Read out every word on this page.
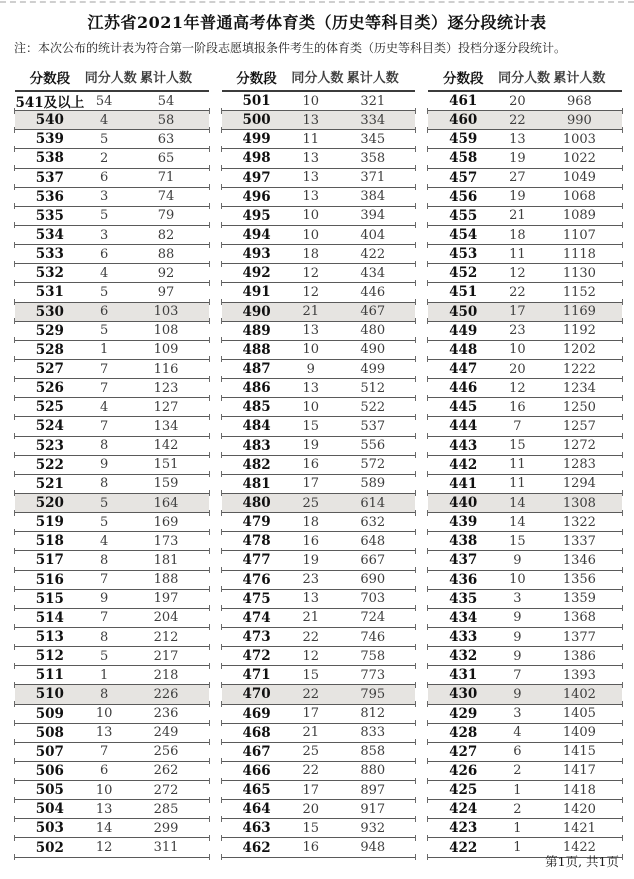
江苏省2021年普通高考体育类（历史等科目类）逐分段统计表
注：本次公布的统计表为符合第一阶段志愿填报条件考生的体育类（历史等科目类）投档分逐分段统计。
分数段	同分人数 累计人数
541及以上 54	54
540	4	58
539	5	63
538	2	65
537	6	71
536	3	74
535	5	79
534	3	82
533	6	88
532	4	92
531	5	97
530	6	103
529	5	108
528	1	109
527	7	116
526	7	123
525	4	127
524	7	134
523	8	142
522	9	151
521	8	159
520	5	164
519	5	169
518	4	173
517	8	181
516	7	188
515	9	197
514	7	204
513	8	212
512	5	217
511	1	218
510	8	226
509	10	236
508	13	249
507	7	256
506	6	262
505	10	272
504	13	285
503	14	299
502	12	311
分数段	同分人数 累计人数
501	10	321
500	13	334
499	11	345
498	13	358
497	13	371
496	13	384
495	10	394
494	10	404
493	18	422
492	12	434
491	12	446
490	21	467
489	13	480
488	10	490
487	9	499
486	13	512
485	10	522
484	15	537
483	19	556
482	16	572
481	17	589
480	25	614
479	18	632
478	16	648
477	19	667
476	23	690
475	13	703
474	21	724
473	22	746
472	12	758
471	15	773
470	22	795
469	17	812
468	21	833
467	25	858
466	22	880
465	17	897
464	20	917
463	15	932
462	16	948
分数段	同分人数 累计人数
461	20	968
460	22	990
459	13	1003
458	19	1022
457	27	1049
456	19	1068
455	21	1089
454	18	1107
453	11	1118
452	12	1130
451	22	1152
450	17	1169
449	23	1192
448	10	1202
447	20	1222
446	12	1234
445	16	1250
444	7	1257
443	15	1272
442	11	1283
441	11	1294
440	14	1308
439	14	1322
438	15	1337
437	9	1346
436	10	1356
435	3	1359
434	9	1368
433	9	1377
432	9	1386
431	7	1393
430	9	1402
429	3	1405
428	4	1409
427	6	1415
426	2	1417
425	1	1418
424	2	1420
423	1	1421
422	1	1422
第1页, 共1页
